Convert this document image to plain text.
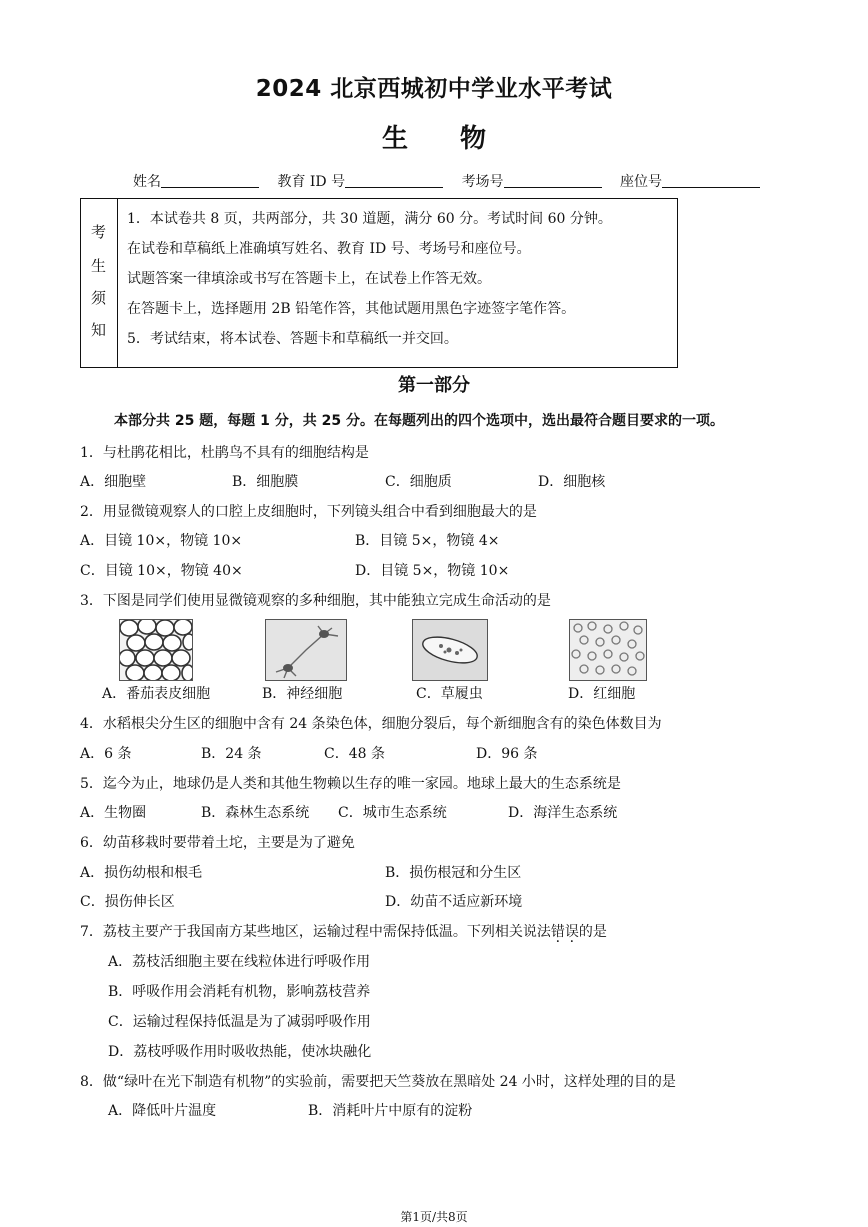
2024 北京西城初中学业水平考试
生物
姓名	教育 ID 号	考场号	座位号
考
生
须
知
1．本试卷共 8 页，共两部分，共 30 道题，满分 60 分。考试时间 60 分钟。
在试卷和草稿纸上准确填写姓名、教育 ID 号、考场号和座位号。
试题答案一律填涂或书写在答题卡上，在试卷上作答无效。
在答题卡上，选择题用 2B 铅笔作答，其他试题用黑色字迹签字笔作答。
5．考试结束，将本试卷、答题卡和草稿纸一并交回。
第一部分
本部分共 25 题，每题 1 分，共 25 分。在每题列出的四个选项中，选出最符合题目要求的一项。
1．与杜鹃花相比，杜鹃鸟不具有的细胞结构是
A．细胞壁	B．细胞膜	C．细胞质	D．细胞核
2．用显微镜观察人的口腔上皮细胞时，下列镜头组合中看到细胞最大的是
A．目镜 10×，物镜 10×	B．目镜 5×，物镜 4×
C．目镜 10×，物镜 40×	D．目镜 5×，物镜 10×
3．下图是同学们使用显微镜观察的多种细胞，其中能独立完成生命活动的是
A．番茄表皮细胞	B．神经细胞	C．草履虫	D．红细胞
4．水稻根尖分生区的细胞中含有 24 条染色体，细胞分裂后，每个新细胞含有的染色体数目为
A．6 条	B．24 条	C．48 条	D．96 条
5．迄今为止，地球仍是人类和其他生物赖以生存的唯一家园。地球上最大的生态系统是
A．生物圈	B．森林生态系统 C．城市生态系统	D．海洋生态系统
6．幼苗移栽时要带着土坨，主要是为了避免
A．损伤幼根和根毛	B．损伤根冠和分生区
C．损伤伸长区	D．幼苗不适应新环境
7．荔枝主要产于我国南方某些地区，运输过程中需保持低温。下列相关说法错误的是
A．荔枝活细胞主要在线粒体进行呼吸作用
B．呼吸作用会消耗有机物，影响荔枝营养
C．运输过程保持低温是为了减弱呼吸作用
D．荔枝呼吸作用时吸收热能，使冰块融化
8．做“绿叶在光下制造有机物”的实验前，需要把天竺葵放在黑暗处 24 小时，这样处理的目的是
A．降低叶片温度	B．消耗叶片中原有的淀粉
第1页/共8页
